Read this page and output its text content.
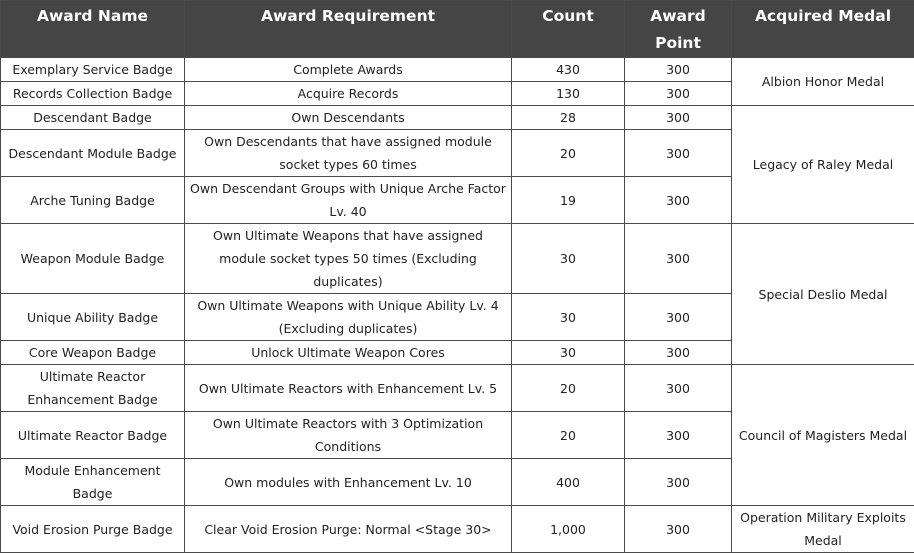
Award Name	Award Requirement	Count	Award Point	Acquired Medal
Exemplary Service Badge	Complete Awards	430	300	Albion Honor Medal
Records Collection Badge	Acquire Records	130	300	
Descendant Badge	Own Descendants	28	300	Legacy of Raley Medal
Descendant Module Badge	Own Descendants that have assigned module socket types 60 times	20	300	
Arche Tuning Badge	Own Descendant Groups with Unique Arche Factor Lv. 40	19	300	
Weapon Module Badge	Own Ultimate Weapons that have assigned module socket types 50 times (Excluding duplicates)	30	300	Special Deslio Medal
Unique Ability Badge	Own Ultimate Weapons with Unique Ability Lv. 4 (Excluding duplicates)	30	300	
Core Weapon Badge	Unlock Ultimate Weapon Cores	30	300	
Ultimate Reactor Enhancement Badge	Own Ultimate Reactors with Enhancement Lv. 5	20	300	Council of Magisters Medal
Ultimate Reactor Badge	Own Ultimate Reactors with 3 Optimization Conditions	20	300	
Module Enhancement Badge	Own modules with Enhancement Lv. 10	400	300	
Void Erosion Purge Badge	Clear Void Erosion Purge: Normal <Stage 30>	1,000	300	Operation Military Exploits Medal
